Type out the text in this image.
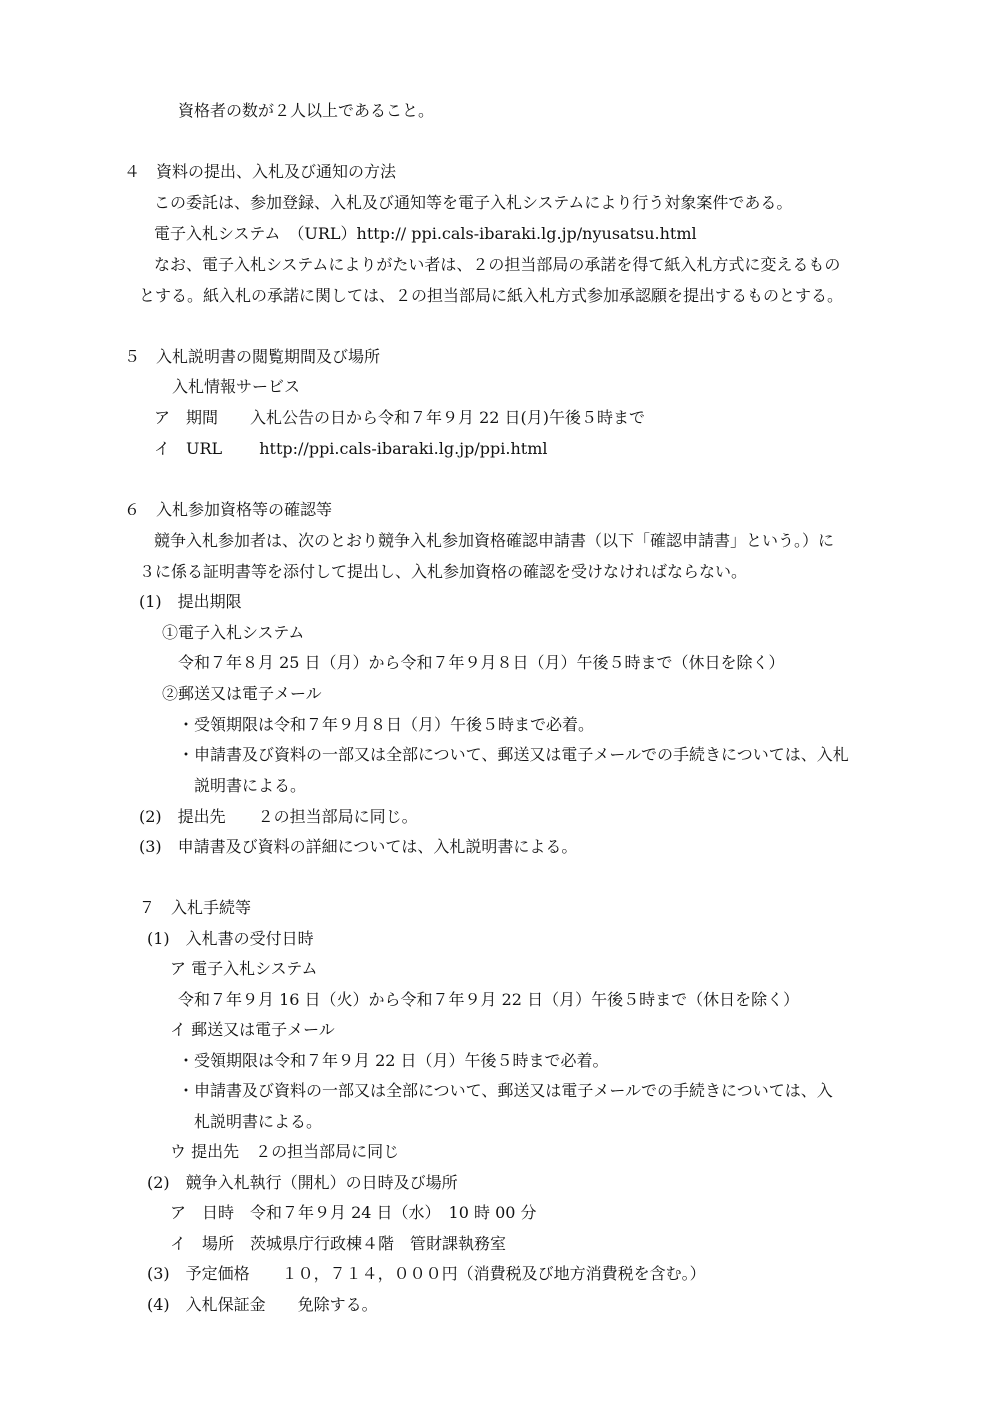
資格者の数が２人以上であること。
４　資料の提出、入札及び通知の方法
この委託は、参加登録、入札及び通知等を電子入札システムにより行う対象案件である。
電子入札システム　（URL）http:// ppi.cals-ibaraki.lg.jp/nyusatsu.html
なお、電子入札システムによりがたい者は、２の担当部局の承諾を得て紙入札方式に変えるもの
とする。紙入札の承諾に関しては、２の担当部局に紙入札方式参加承認願を提出するものとする。
５　入札説明書の閲覧期間及び場所
入札情報サービス
ア　期間　　入札公告の日から令和７年９月 22 日(月)午後５時まで
イ　URL　　 http://ppi.cals-ibaraki.lg.jp/ppi.html
６　入札参加資格等の確認等
競争入札参加者は、次のとおり競争入札参加資格確認申請書（以下「確認申請書」という。）に
３に係る証明書等を添付して提出し、入札参加資格の確認を受けなければならない。
(1)　提出期限
①電子入札システム
令和７年８月 25 日（月）から令和７年９月８日（月）午後５時まで（休日を除く）
②郵送又は電子メール
・受領期限は令和７年９月８日（月）午後５時まで必着。
・申請書及び資料の一部又は全部について、郵送又は電子メールでの手続きについては、入札
説明書による。
(2)　提出先　　２の担当部局に同じ。
(3)　申請書及び資料の詳細については、入札説明書による。
７　入札手続等
(1)　入札書の受付日時
ア 電子入札システム
令和７年９月 16 日（火）から令和７年９月 22 日（月）午後５時まで（休日を除く）
イ 郵送又は電子メール
・受領期限は令和７年９月 22 日（月）午後５時まで必着。
・申請書及び資料の一部又は全部について、郵送又は電子メールでの手続きについては、入
札説明書による。
ウ 提出先　２の担当部局に同じ
(2)　競争入札執行（開札）の日時及び場所
ア　日時　令和７年９月 24 日（水）　10 時 00 分
イ　場所　茨城県庁行政棟４階　管財課執務室
(3)　予定価格　　１０，７１４，０００円（消費税及び地方消費税を含む。）
(4)　入札保証金　　免除する。
